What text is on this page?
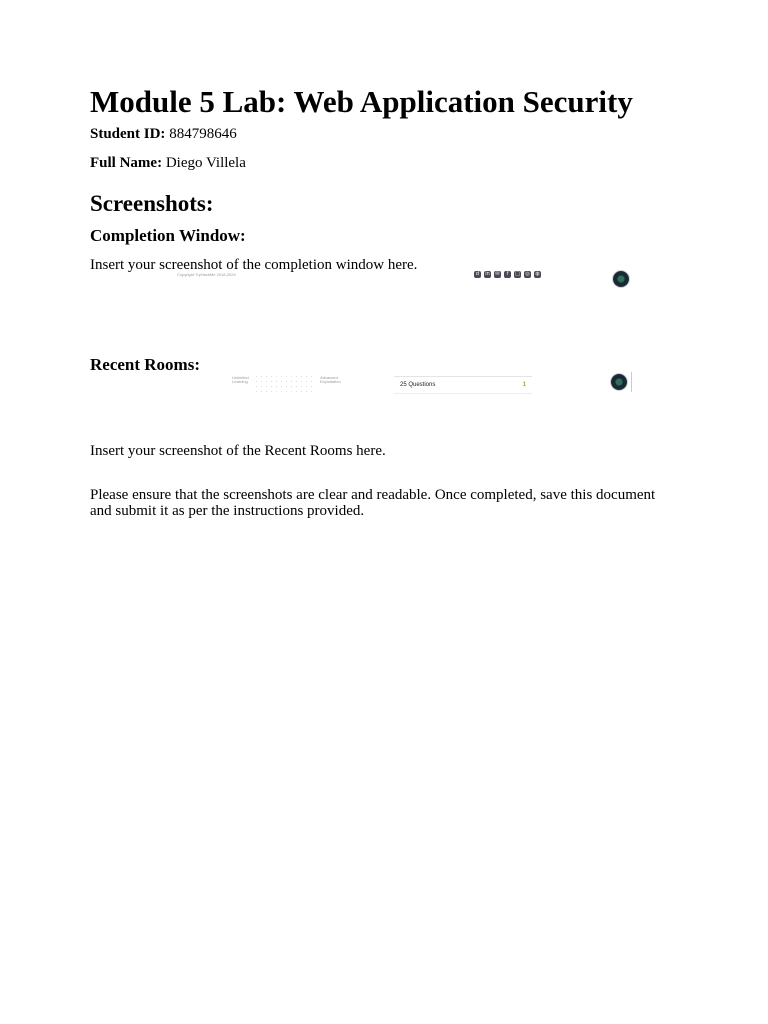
Module 5 Lab: Web Application Security

Student ID: 884798646

Full Name: Diego Villela

Screenshots:
Completion Window:

Insert your screenshot of the completion window here.

Recent Rooms:

Insert your screenshot of the Recent Rooms here.

Please ensure that the screenshots are clear and readable. Once completed, save this document and submit it as per the instructions provided.

Copyright TryHackMe 2018-2024	d	in ✉	f	□ ◎ ◍
Unlimited Learning
Advanced Exploitation
25 Questions	1
